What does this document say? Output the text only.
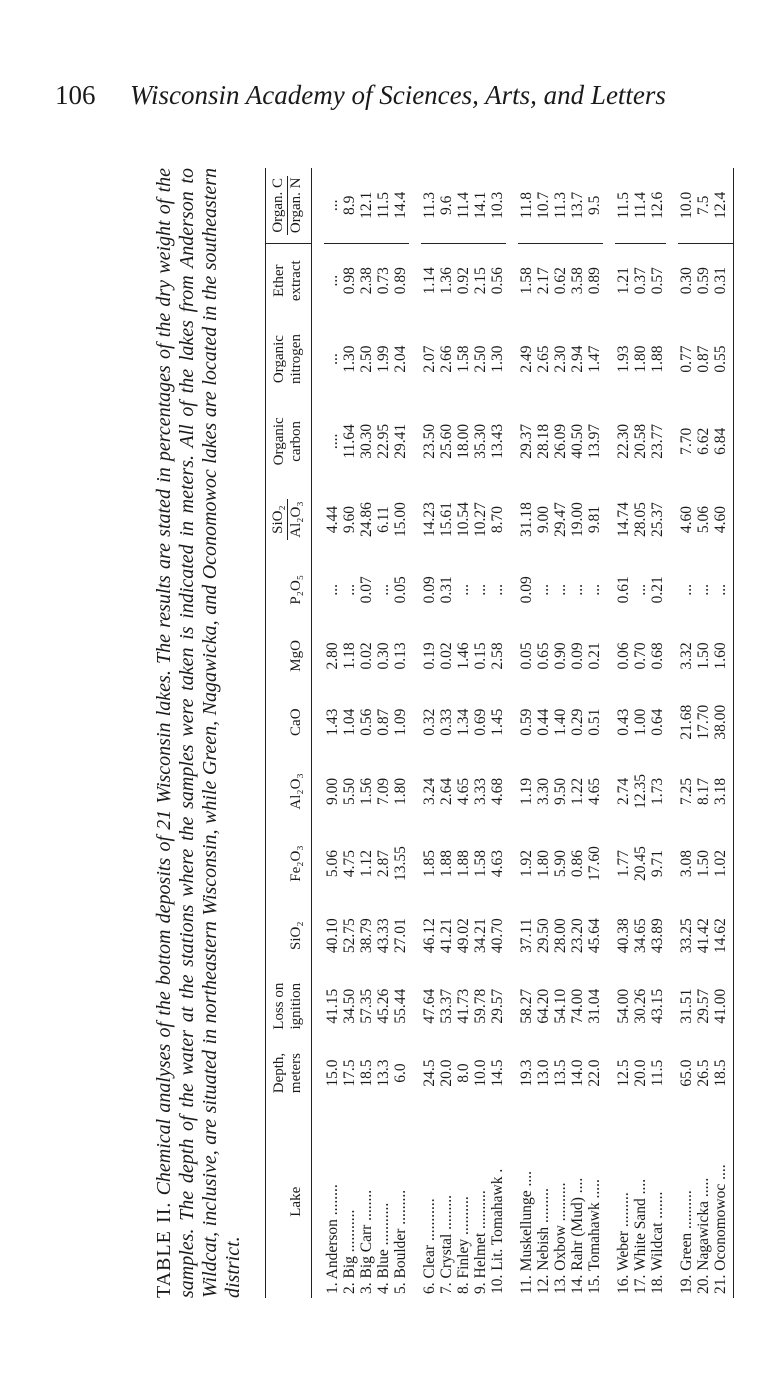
106 Wisconsin Academy of Sciences, Arts, and Letters
TABLE II. Chemical analyses of the bottom deposits of 21 Wisconsin lakes. The results are stated in percentages of the dry weight of the samples. The depth of the water at the stations where the samples were taken is indicated in meters. All of the lakes from Anderson to Wildcat, inclusive, are situated in northeastern Wisconsin, while Green, Nagawicka, and Oconomowoc lakes are located in the southeastern district.
Lake	Depth, meters	Loss on ignition	SiO₂	Fe₂O₃	Al₂O₃	CaO	MgO	P₂O₅	SiO₂ Al₂O₃	Organic carbon	Organic nitrogen	Ether extract	Organ. C Organ. N

1. Anderson ........	15.0	41.15	40.10	5.06	9.00	1.43	2.80	...	4.44	....	...	...	...
2. Big ...........	17.5	34.50	52.75	4.75	5.50	1.04	1.18	...	9.60	11.64	1.30	0.98	8.9
3. Big Carr ........	18.5	57.35	38.79	1.12	1.56	0.56	0.02	0.07	24.86	30.30	2.50	2.38	12.1
4. Blue ...........	13.3	45.26	43.33	2.87	7.09	0.87	0.30	...	6.11	22.95	1.99	0.73	11.5
5. Boulder .........	6.0	55.44	27.01	13.55	1.80	1.09	0.13	0.05	15.00	29.41	2.04	0.89	14.4

6. Clear ...........	24.5	47.64	46.12	1.85	3.24	0.32	0.19	0.09	14.23	23.50	2.07	1.14	11.3
7. Crystal .........	20.0	53.37	41.21	1.88	2.64	0.33	0.02	0.31	15.61	25.60	2.66	1.36	9.6
8. Finley ..........	8.0	41.73	49.02	1.88	4.65	1.34	1.46	...	10.54	18.00	1.58	0.92	11.4
9. Helmet ..........	10.0	59.78	34.21	1.58	3.33	0.69	0.15	...	10.27	35.30	2.50	2.15	14.1
10. Lit. Tomahawk .	14.5	29.57	40.70	4.63	4.68	1.45	2.58	...	8.70	13.43	1.30	0.56	10.3

11. Muskellunge ....	19.3	58.27	37.11	1.92	1.19	0.59	0.05	0.09	31.18	29.37	2.49	1.58	11.8
12. Nebish .........	13.0	64.20	29.50	1.80	3.30	0.44	0.65	...	9.00	28.18	2.65	2.17	10.7
13. Oxbow ..........	13.5	54.10	28.00	5.90	9.50	1.40	0.90	...	29.47	26.09	2.30	0.62	11.3
14. Rahr (Mud) ....	14.0	74.00	23.20	0.86	1.22	0.29	0.09	...	19.00	40.50	2.94	3.58	13.7
15. Tomahawk .....	22.0	31.04	45.64	17.60	4.65	0.51	0.21	...	9.81	13.97	1.47	0.89	9.5

16. Weber .........	12.5	54.00	40.38	1.77	2.74	0.43	0.06	0.61	14.74	22.30	1.93	1.21	11.5
17. White Sand ....	20.0	30.26	34.65	20.45	12.35	1.00	0.70	...	28.05	20.58	1.80	0.37	11.4
18. Wildcat .......	11.5	43.15	43.89	9.71	1.73	0.64	0.68	0.21	25.37	23.77	1.88	0.57	12.6

19. Green ..........	65.0	31.51	33.25	3.08	7.25	21.68	3.32	...	4.60	7.70	0.77	0.30	10.0
20. Nagawicka .....	26.5	29.57	41.42	1.50	8.17	17.70	1.50	...	5.06	6.62	0.87	0.59	7.5
21. Oconomowoc ....	18.5	41.00	14.62	1.02	3.18	38.00	1.60	...	4.60	6.84	0.55	0.31	12.4
